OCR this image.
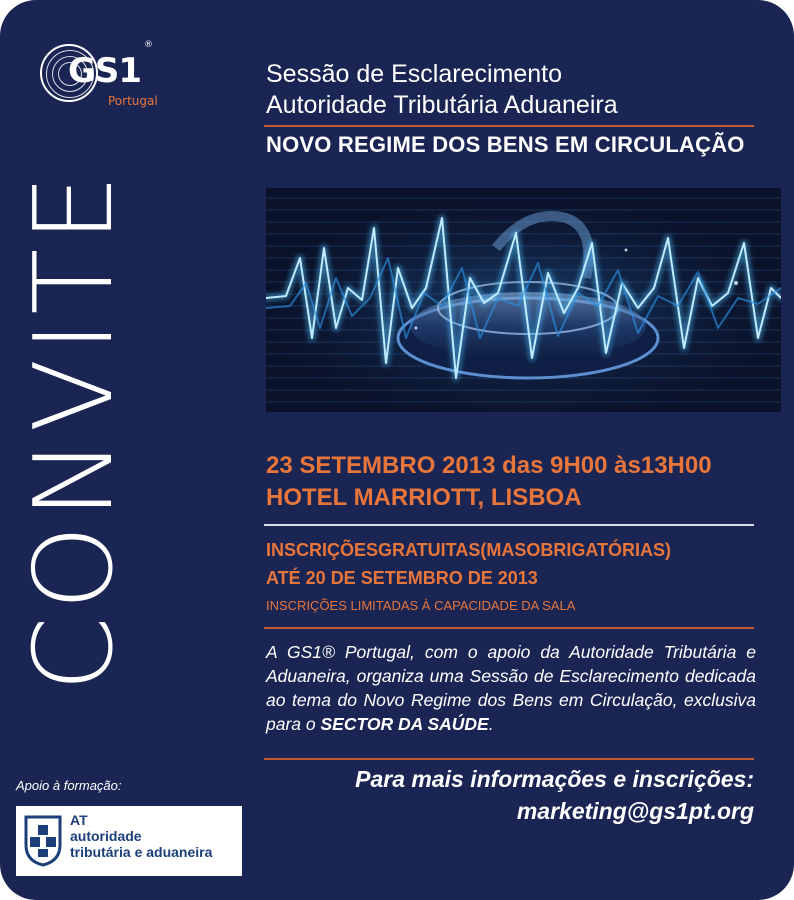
GS1
®
Portugal
CONVITE
Sessão de Esclarecimento
Autoridade Tributária Aduaneira
NOVO REGIME DOS BENS EM CIRCULAÇÃO
23 SETEMBRO 2013 das 9H00 às13H00
HOTEL MARRIOTT, LISBOA
INSCRIÇÕESGRATUITAS(MASOBRIGATÓRIAS)
ATÉ 20 DE SETEMBRO DE 2013
INSCRIÇÕES LIMITADAS À CAPACIDADE DA SALA
A GS1® Portugal, com o apoio da Autoridade Tributária e Aduaneira, organiza uma Sessão de Esclarecimento dedicada ao tema do Novo Regime dos Bens em Circulação, exclusiva para o SECTOR DA SAÚDE.
Para mais informações e inscrições:
marketing@gs1pt.org
Apoio à formação:
AT
autoridade
tributária e aduaneira
